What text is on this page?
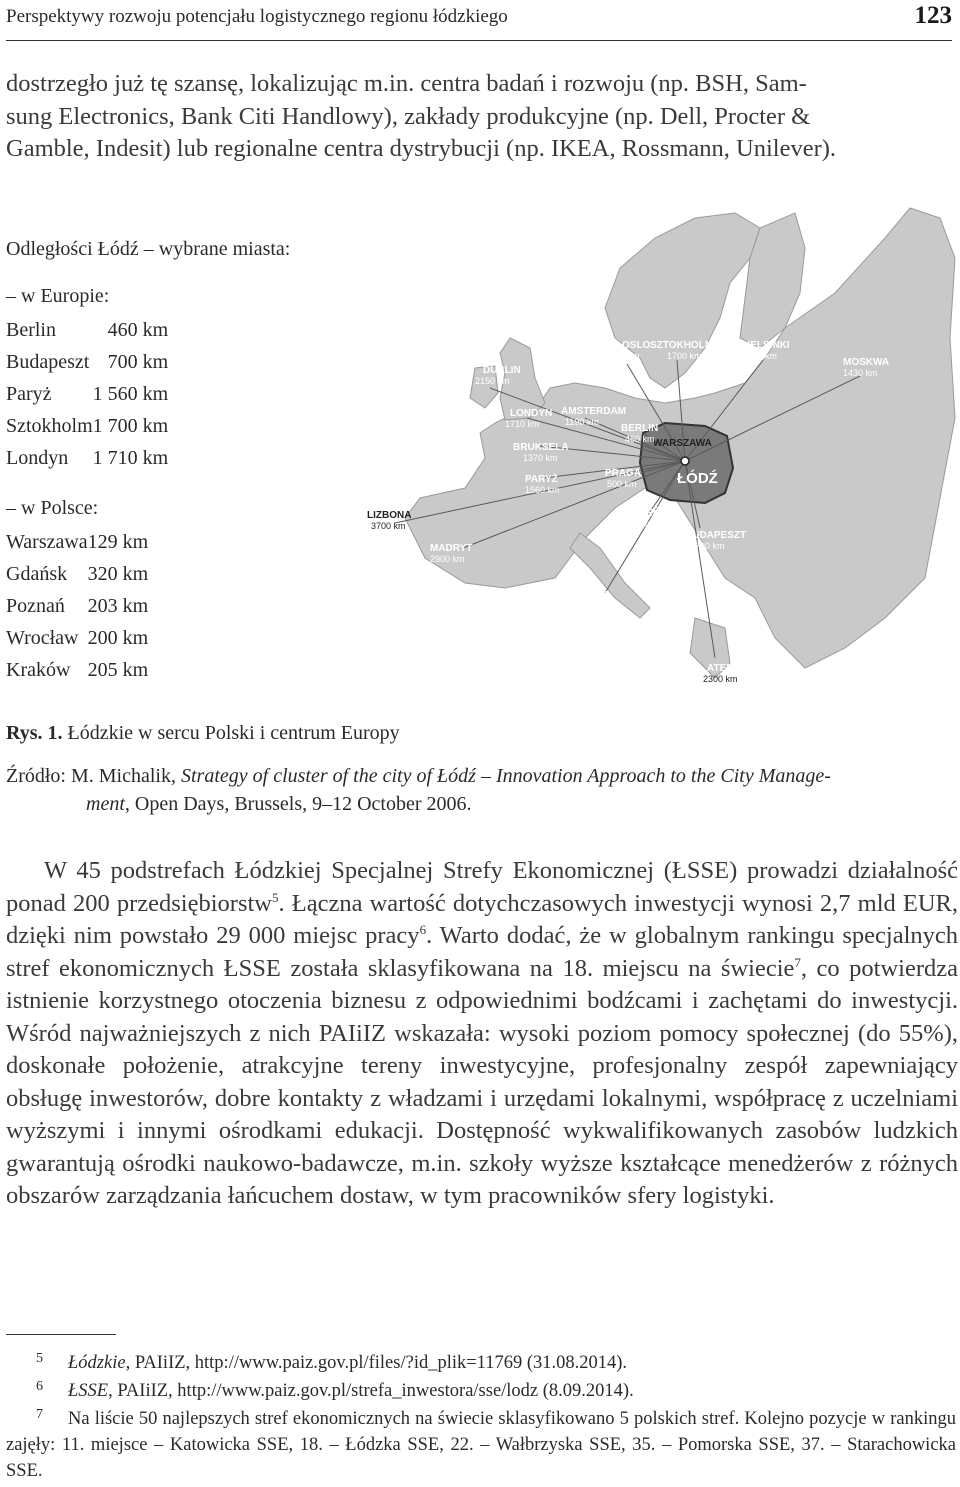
Perspektywy rozwoju potencjału logistycznego regionu łódzkiego	123
dostrzegło już tę szansę, lokalizując m.in. centra badań i rozwoju (np. BSH, Sam-
sung Electronics, Bank Citi Handlowy), zakłady produkcyjne (np. Dell, Procter &
Gamble, Indesit) lub regionalne centra dystrybucji (np. IKEA, Rossmann, Unilever).
Odległości Łódź – wybrane miasta:
– w Europie:
Berlin	460 km
Budapeszt	700 km
Paryż	1 560 km
Sztokholm	1 700 km
Londyn	1 710 km
– w Polsce:
Warszawa	129 km
Gdańsk	320 km
Poznań	203 km
Wrocław	200 km
Kraków	205 km
WARSZAWA
ŁÓDŹ
OSLO
1690 km
SZTOKHOLM
1700 km
HELSINKI
1150 km
MOSKWA
1430 km
DUBLIN
2150 km
LONDYN
1710 km
AMSTERDAM
1190 km
BERLIN
460 km
BRUKSELA
1370 km
PARYŻ
1560 km
PRAGA
500 km
WIEDEŃ
610 km
LIZBONA
3700 km
MADRYT
2900 km
BUDAPESZT
700 km
RZYM
1740 km
ATENY
2300 km
Rys. 1. Łódzkie w sercu Polski i centrum Europy
Źródło: M. Michalik, Strategy of cluster of the city of Łódź – Innovation Approach to the City Manage-
ment, Open Days, Brussels, 9–12 October 2006.

W 45 podstrefach Łódzkiej Specjalnej Strefy Ekonomicznej (ŁSSE) prowadzi działalność ponad 200 przedsiębiorstw$^5$. Łączna wartość dotychczasowych inwestycji wynosi 2,7 mld EUR, dzięki nim powstało 29 000 miejsc pracy$^6$. Warto dodać, że w globalnym rankingu specjalnych stref ekonomicznych ŁSSE została sklasyfikowana na 18. miejscu na świecie$^7$, co potwierdza istnienie korzystnego otoczenia biznesu z odpowiednimi bodźcami i zachętami do inwestycji. Wśród najważniejszych z nich PAIiIZ wskazała: wysoki poziom pomocy społecznej (do 55%), doskonałe położenie, atrakcyjne tereny inwestycyjne, profesjonalny zespół zapewniający obsługę inwestorów, dobre kontakty z władzami i urzędami lokalnymi, współpracę z uczelniami wyższymi i innymi ośrodkami edukacji. Dostępność wykwalifikowanych zasobów ludzkich gwarantują ośrodki naukowo-badawcze, m.in. szkoły wyższe kształcące menedżerów z różnych obszarów zarządzania łańcuchem dostaw, w tym pracowników sfery logistyki.

5	Łódzkie, PAIiIZ, http://www.paiz.gov.pl/files/?id_plik=11769 (31.08.2014).
6	ŁSSE, PAIiIZ, http://www.paiz.gov.pl/strefa_inwestora/sse/lodz (8.09.2014).
7	Na liście 50 najlepszych stref ekonomicznych na świecie sklasyfikowano 5 polskich stref. Kolejno pozycje w rankingu zajęły: 11. miejsce – Katowicka SSE, 18. – Łódzka SSE, 22. – Wałbrzyska SSE, 35. – Pomorska SSE, 37. – Starachowicka SSE.
